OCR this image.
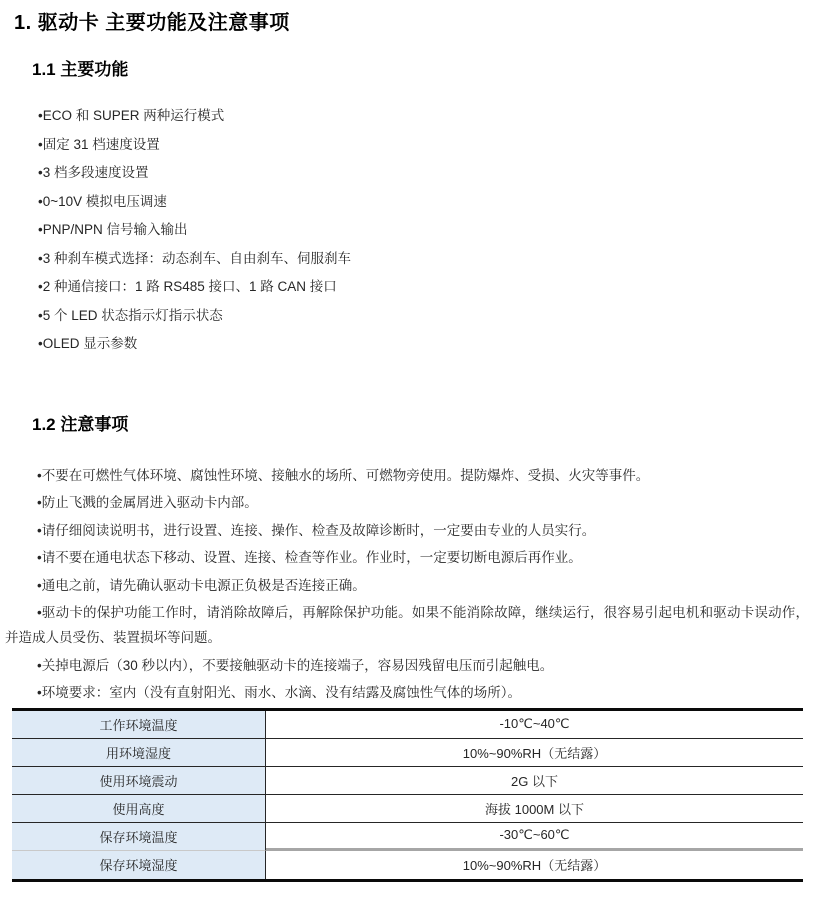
1. 驱动卡 主要功能及注意事项
1.1 主要功能
•ECO 和 SUPER 两种运行模式
•固定 31 档速度设置
•3 档多段速度设置
•0~10V 模拟电压调速
•PNP/NPN 信号输入输出
•3 种刹车模式选择：动态刹车、自由刹车、伺服刹车
•2 种通信接口：1 路 RS485 接口、1 路 CAN 接口
•5 个 LED 状态指示灯指示状态
•OLED 显示参数
1.2 注意事项

•不要在可燃性气体环境、腐蚀性环境、接触水的场所、可燃物旁使用。提防爆炸、受损、火灾等事件。

•防止飞溅的金属屑进入驱动卡内部。

•请仔细阅读说明书，进行设置、连接、操作、检查及故障诊断时，一定要由专业的人员实行。

•请不要在通电状态下移动、设置、连接、检查等作业。作业时，一定要切断电源后再作业。

•通电之前，请先确认驱动卡电源正负极是否连接正确。

•驱动卡的保护功能工作时，请消除故障后，再解除保护功能。如果不能消除故障，继续运行，很容易引起电机和驱动卡误动作，并造成人员受伤、装置损坏等问题。

•关掉电源后（30 秒以内），不要接触驱动卡的连接端子，容易因残留电压而引起触电。

•环境要求：室内（没有直射阳光、雨水、水滴、没有结露及腐蚀性气体的场所）。

工作环境温度	-10℃~40℃
用环境湿度	10%~90%RH（无结露）
使用环境震动	2G 以下
使用高度	海拔 1000M 以下
保存环境温度	-30℃~60℃
保存环境湿度	10%~90%RH（无结露）
